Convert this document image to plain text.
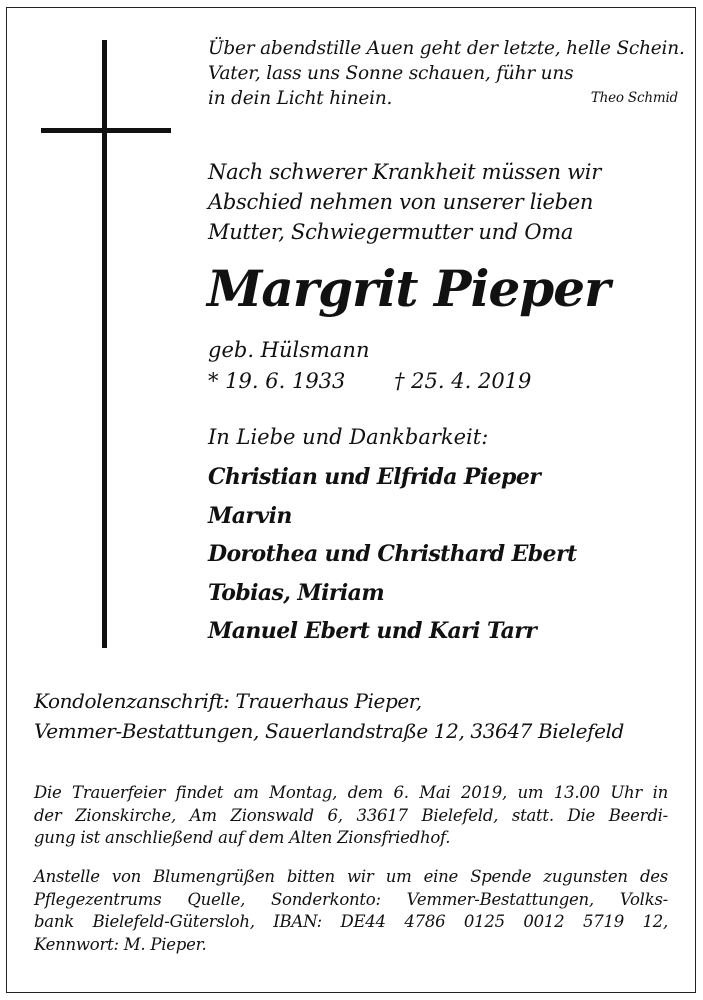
Über abendstille Auen geht der letzte, helle Schein.
Vater, lass uns Sonne schauen, führ uns
in dein Licht hinein.	Theo Schmid
Nach schwerer Krankheit müssen wir
Abschied nehmen von unserer lieben
Mutter, Schwiegermutter und Oma
Margrit Pieper
geb. Hülsmann
* 19. 6. 1933 † 25. 4. 2019
In Liebe und Dankbarkeit:
Christian und Elfrida Pieper
Marvin
Dorothea und Christhard Ebert
Tobias, Miriam
Manuel Ebert und Kari Tarr
Kondolenzanschrift: Trauerhaus Pieper,
Vemmer-Bestattungen, Sauerlandstraße 12, 33647 Bielefeld
Die Trauerfeier findet am Montag, dem 6. Mai 2019, um 13.00 Uhr in
der Zionskirche, Am Zionswald 6, 33617 Bielefeld, statt. Die Beerdi-
gung ist anschließend auf dem Alten Zionsfriedhof.
Anstelle von Blumengrüßen bitten wir um eine Spende zugunsten des
Pflegezentrums Quelle, Sonderkonto: Vemmer-Bestattungen, Volks-
bank Bielefeld-Gütersloh, IBAN: DE44 4786 0125 0012 5719 12,
Kennwort: M. Pieper.
